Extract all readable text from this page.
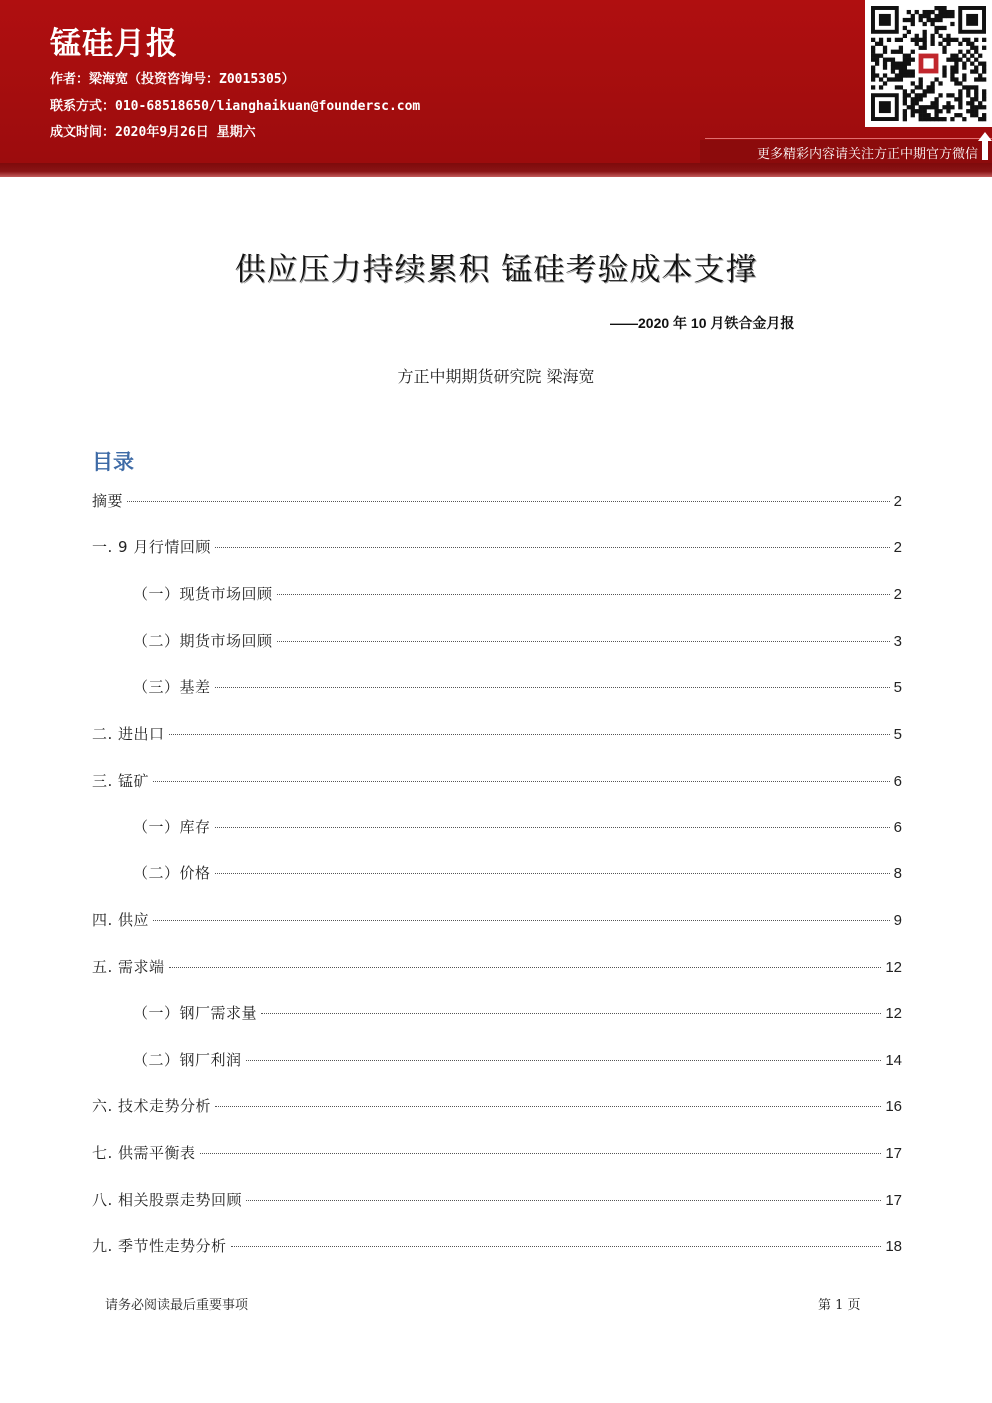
锰硅月报
作者：梁海宽（投资咨询号：Z0015305）
联系方式：010-68518650/lianghaikuan@foundersc.com
成文时间：2020年9月26日 星期六
更多精彩内容请关注方正中期官方微信
供应压力持续累积 锰硅考验成本支撑
——2020 年 10 月铁合金月报
方正中期期货研究院 梁海宽
目录
摘要	2
一. 9 月行情回顾	2
（一）现货市场回顾	2
（二）期货市场回顾	3
（三）基差	5
二. 进出口	5
三. 锰矿	6
（一）库存	6
（二）价格	8
四. 供应	9
五. 需求端	12
（一）钢厂需求量	12
（二）钢厂利润	14
六. 技术走势分析	16
七. 供需平衡表	17
八. 相关股票走势回顾	17
九. 季节性走势分析	18
请务必阅读最后重要事项	第 1 页
